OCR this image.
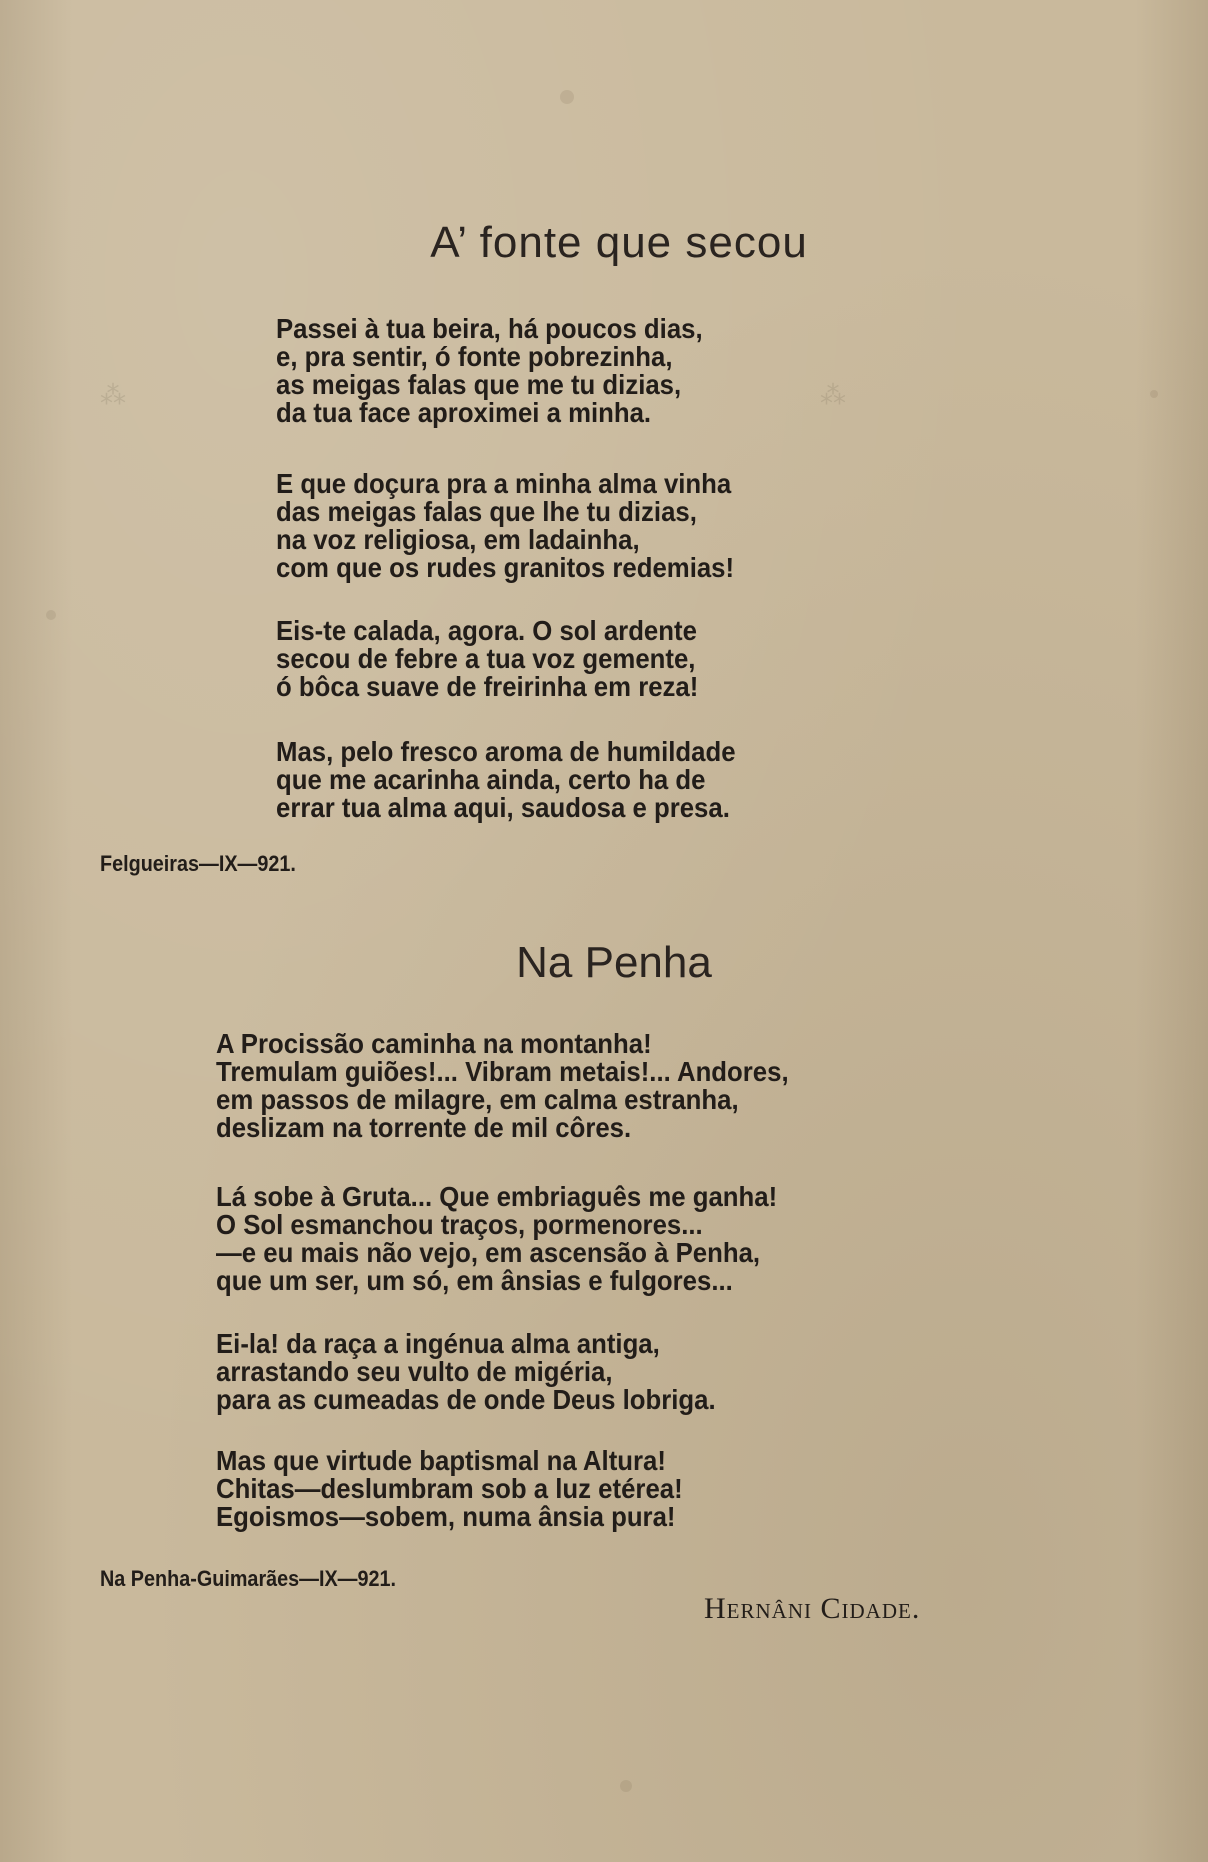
⁂
⁂
A’ fonte que secou
Passei à tua beira, há poucos dias,
e, pra sentir, ó fonte pobrezinha,
as meigas falas que me tu dizias,
da tua face aproximei a minha.
E que doçura pra a minha alma vinha
das meigas falas que lhe tu dizias,
na voz religiosa, em ladainha,
com que os rudes granitos redemias!
Eis-te calada, agora. O sol ardente
secou de febre a tua voz gemente,
ó bôca suave de freirinha em reza!
Mas, pelo fresco aroma de humildade
que me acarinha ainda, certo ha de
errar tua alma aqui, saudosa e presa.

Felgueiras—IX—921.

Na Penha
A Procissão caminha na montanha!
Tremulam guiões!... Vibram metais!... Andores,
em passos de milagre, em calma estranha,
deslizam na torrente de mil côres.
Lá sobe à Gruta... Que embriaguês me ganha!
O Sol esmanchou traços, pormenores...
—e eu mais não vejo, em ascensão à Penha,
que um ser, um só, em ânsias e fulgores...
Ei-la! da raça a ingénua alma antiga,
arrastando seu vulto de migéria,
para as cumeadas de onde Deus lobriga.
Mas que virtude baptismal na Altura!
Chitas—deslumbram sob a luz etérea!
Egoismos—sobem, numa ânsia pura!

Na Penha-Guimarães—IX—921.

Hernâni Cidade.
